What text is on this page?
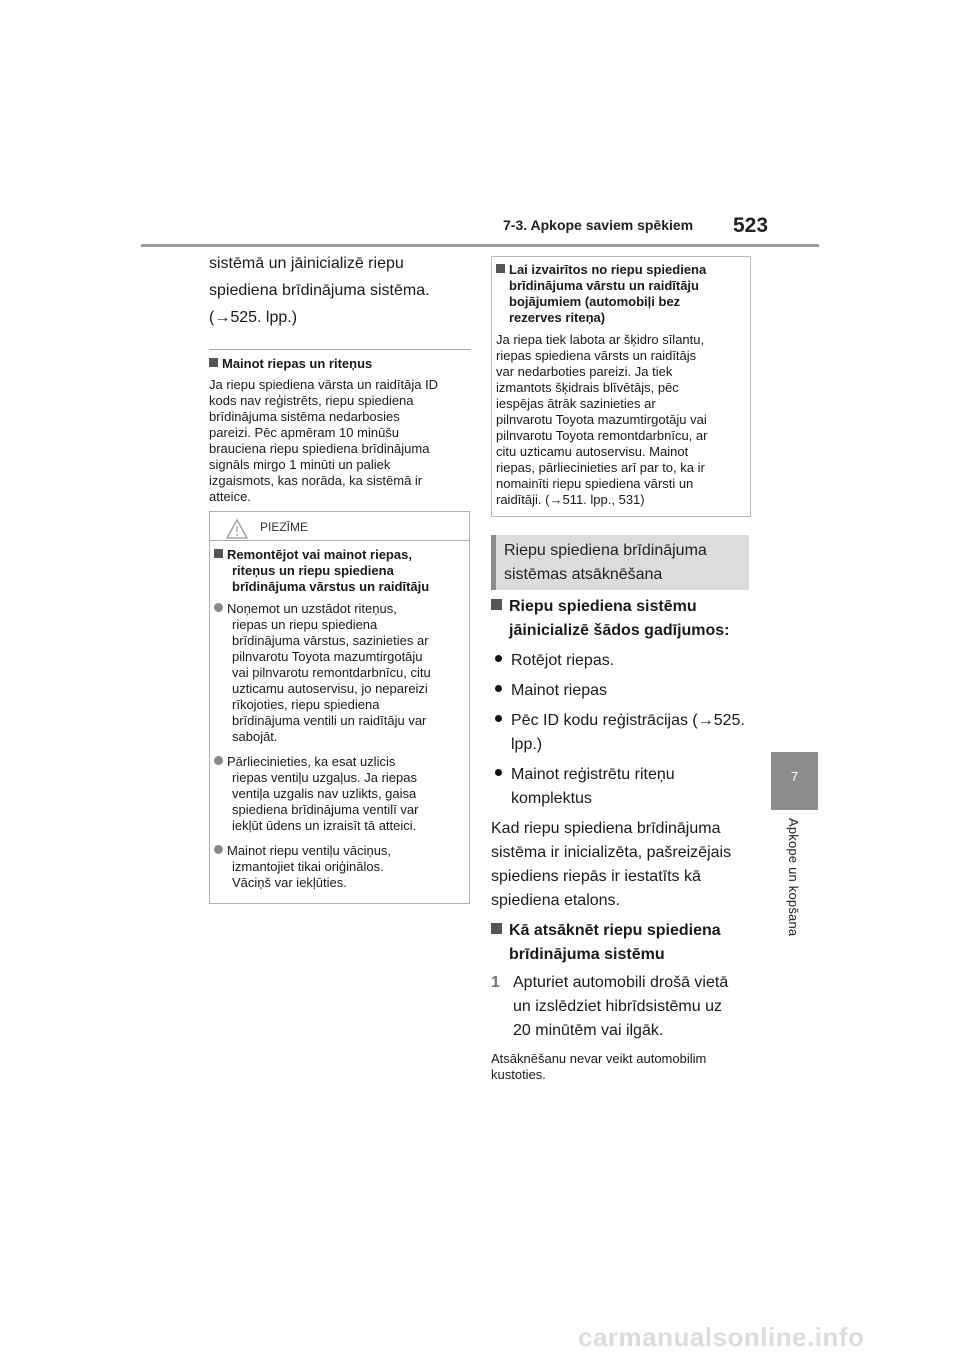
7-3. Apkope saviem spēkiem 523
7
Apkope un kopšana

sistēmā un jāinicializē riepu

spiediena brīdinājuma sistēma.

(→525. lpp.)

Mainot riepas un riteņus

Ja riepu spiediena vārsta un raidītāja ID

kods nav reģistrēts, riepu spiediena

brīdinājuma sistēma nedarbosies

pareizi. Pēc apmēram 10 minūšu

brauciena riepu spiediena brīdinājuma

signāls mirgo 1 minūti un paliek

izgaismots, kas norāda, ka sistēmā ir

atteice.

PIEZĪME

Remontējot vai mainot riepas,

riteņus un riepu spiediena

brīdinājuma vārstus un raidītāju

Noņemot un uzstādot riteņus,

riepas un riepu spiediena

brīdinājuma vārstus, sazinieties ar

pilnvarotu Toyota mazumtirgotāju

vai pilnvarotu remontdarbnīcu, citu

uzticamu autoservisu, jo nepareizi

rīkojoties, riepu spiediena

brīdinājuma ventili un raidītāju var

sabojāt.

Pārliecinieties, ka esat uzlicis

riepas ventiļu uzgaļus. Ja riepas

ventiļa uzgalis nav uzlikts, gaisa

spiediena brīdinājuma ventilī var

iekļūt ūdens un izraisīt tā atteici.

Mainot riepu ventiļu vāciņus,

izmantojiet tikai oriģinālos.

Vāciņš var iekļūties.

Lai izvairītos no riepu spiediena

brīdinājuma vārstu un raidītāju

bojājumiem (automobiļi bez

rezerves riteņa)

Ja riepa tiek labota ar šķidro sīlantu,

riepas spiediena vārsts un raidītājs

var nedarboties pareizi. Ja tiek

izmantots šķidrais blīvētājs, pēc

iespējas ātrāk sazinieties ar

pilnvarotu Toyota mazumtirgotāju vai

pilnvarotu Toyota remontdarbnīcu, ar

citu uzticamu autoservisu. Mainot

riepas, pārliecinieties arī par to, ka ir

nomainīti riepu spiediena vārsti un

raidītāji. (→511. lpp., 531)

Riepu spiediena brīdinājuma
sistēmas atsāknēšana

Riepu spiediena sistēmu

jāinicializē šādos gadījumos:

Rotējot riepas.

Mainot riepas

Pēc ID kodu reģistrācijas (→525.

lpp.)

Mainot reģistrētu riteņu

komplektus

Kad riepu spiediena brīdinājuma

sistēma ir inicializēta, pašreizējais

spiediens riepās ir iestatīts kā

spiediena etalons.

Kā atsāknēt riepu spiediena

brīdinājuma sistēmu

1 Apturiet automobili drošā vietā

un izslēdziet hibrīdsistēmu uz

20 minūtēm vai ilgāk.

Atsāknēšanu nevar veikt automobilim

kustoties.

carmanualsonline.info
